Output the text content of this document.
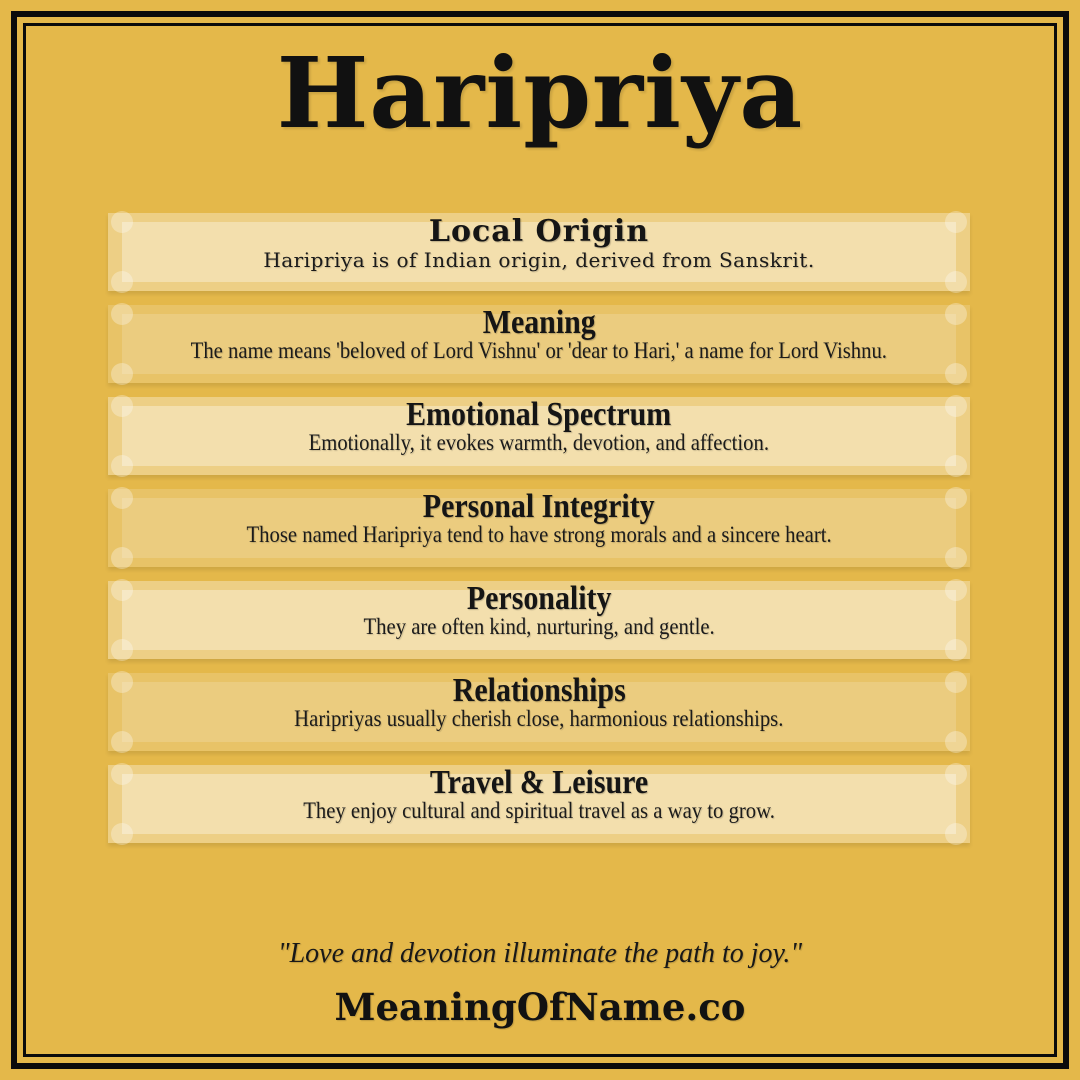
Haripriya
Local Origin

Haripriya is of Indian origin, derived from Sanskrit.

Meaning

The name means 'beloved of Lord Vishnu' or 'dear to Hari,' a name for Lord Vishnu.

Emotional Spectrum

Emotionally, it evokes warmth, devotion, and affection.

Personal Integrity

Those named Haripriya tend to have strong morals and a sincere heart.

Personality

They are often kind, nurturing, and gentle.

Relationships

Haripriyas usually cherish close, harmonious relationships.

Travel & Leisure

They enjoy cultural and spiritual travel as a way to grow.

"Love and devotion illuminate the path to joy."
MeaningOfName.co
